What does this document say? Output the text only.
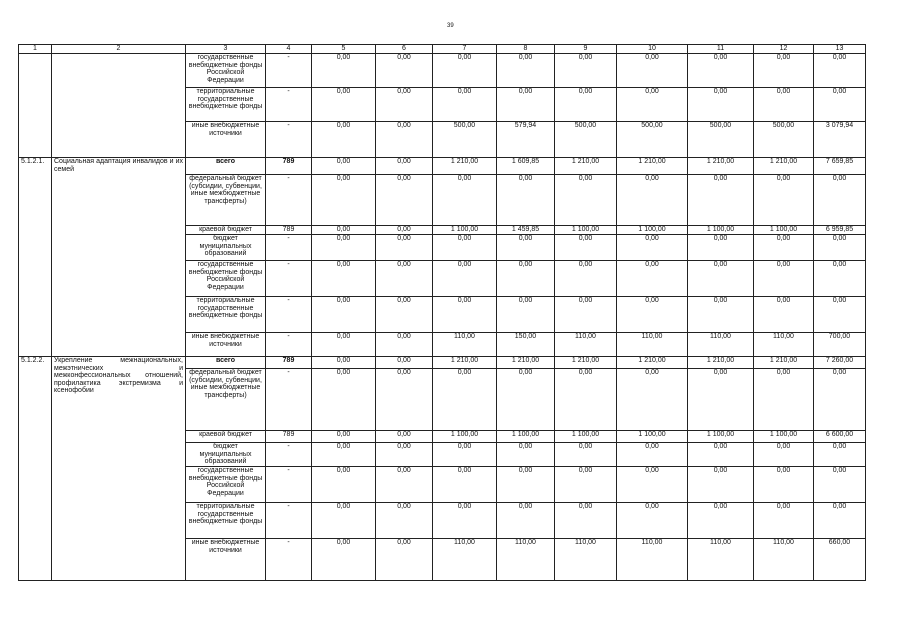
39
1	2	3	4	5	6	7	8	9	10	11	12	13
		государственные внебюджетные фонды Российской Федерации	-	0,00	0,00	0,00	0,00	0,00	0,00	0,00	0,00	0,00
		территориальные государственные внебюджетные фонды	-	0,00	0,00	0,00	0,00	0,00	0,00	0,00	0,00	0,00
		иные внебюджетные источники	-	0,00	0,00	500,00	579,94	500,00	500,00	500,00	500,00	3 079,94
5.1.2.1.	Социальная адаптация инвалидов и их семей	всего	789	0,00	0,00	1 210,00	1 609,85	1 210,00	1 210,00	1 210,00	1 210,00	7 659,85
		федеральный бюджет (субсидии, субвенции, иные межбюджетные трансферты)	-	0,00	0,00	0,00	0,00	0,00	0,00	0,00	0,00	0,00
		краевой бюджет	789	0,00	0,00	1 100,00	1 459,85	1 100,00	1 100,00	1 100,00	1 100,00	6 959,85
		бюджет муниципальных образований	-	0,00	0,00	0,00	0,00	0,00	0,00	0,00	0,00	0,00
		государственные внебюджетные фонды Российской Федерации	-	0,00	0,00	0,00	0,00	0,00	0,00	0,00	0,00	0,00
		территориальные государственные внебюджетные фонды	-	0,00	0,00	0,00	0,00	0,00	0,00	0,00	0,00	0,00
		иные внебюджетные источники	-	0,00	0,00	110,00	150,00	110,00	110,00	110,00	110,00	700,00
5.1.2.2.	Укрепление межнациональных, межэтнических и межконфессиональных отношений, профилактика экстремизма и ксенофобии	всего	789	0,00	0,00	1 210,00	1 210,00	1 210,00	1 210,00	1 210,00	1 210,00	7 260,00
		федеральный бюджет (субсидии, субвенции, иные межбюджетные трансферты)	-	0,00	0,00	0,00	0,00	0,00	0,00	0,00	0,00	0,00
		краевой бюджет	789	0,00	0,00	1 100,00	1 100,00	1 100,00	1 100,00	1 100,00	1 100,00	6 600,00
		бюджет муниципальных образований	-	0,00	0,00	0,00	0,00	0,00	0,00	0,00	0,00	0,00
		государственные внебюджетные фонды Российской Федерации	-	0,00	0,00	0,00	0,00	0,00	0,00	0,00	0,00	0,00
		территориальные государственные внебюджетные фонды	-	0,00	0,00	0,00	0,00	0,00	0,00	0,00	0,00	0,00
		иные внебюджетные источники	-	0,00	0,00	110,00	110,00	110,00	110,00	110,00	110,00	660,00
